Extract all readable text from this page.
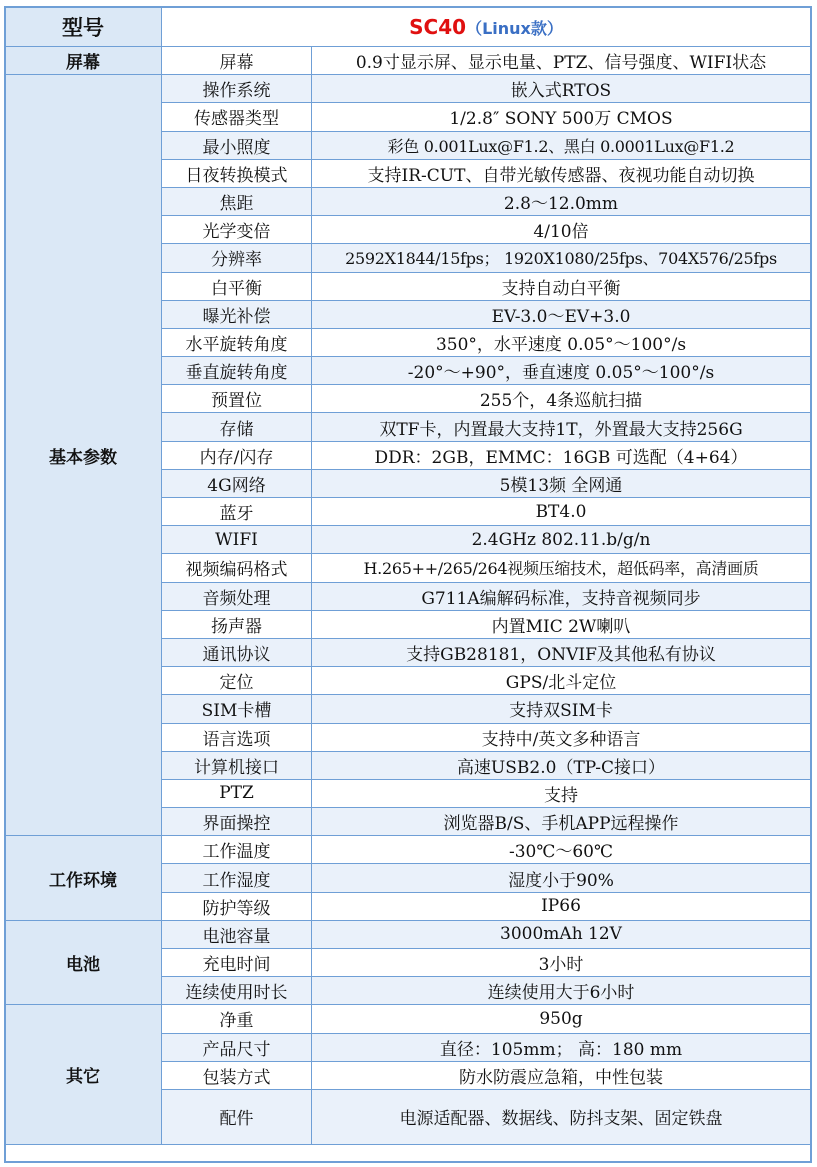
型号	SC40（Linux款）	
屏幕	屏幕	0.9寸显示屏、显示电量、PTZ、信号强度、WIFI状态
基本参数	操作系统	嵌入式RTOS
	传感器类型	1/2.8″ SONY 500万 CMOS
	最小照度	彩色 0.001Lux@F1.2、黑白 0.0001Lux@F1.2
	日夜转换模式	支持IR-CUT、自带光敏传感器、夜视功能自动切换
	焦距	2.8～12.0mm
	光学变倍	4/10倍
	分辨率	2592X1844/15fps； 1920X1080/25fps、704X576/25fps
	白平衡	支持自动白平衡
	曝光补偿	EV-3.0～EV+3.0
	水平旋转角度	350°，水平速度 0.05°～100°/s
	垂直旋转角度	-20°～+90°，垂直速度 0.05°～100°/s
	预置位	255个，4条巡航扫描
	存储	双TF卡，内置最大支持1T，外置最大支持256G
	内存/闪存	DDR：2GB，EMMC：16GB 可选配（4+64）
	4G网络	5模13频 全网通
	蓝牙	BT4.0
	WIFI	2.4GHz 802.11.b/g/n
	视频编码格式	H.265++/265/264视频压缩技术，超低码率，高清画质
	音频处理	G711A编解码标准，支持音视频同步
	扬声器	内置MIC 2W喇叭
	通讯协议	支持GB28181，ONVIF及其他私有协议
	定位	GPS/北斗定位
	SIM卡槽	支持双SIM卡
	语言选项	支持中/英文多种语言
	计算机接口	高速USB2.0（TP-C接口）
	PTZ	支持
	界面操控	浏览器B/S、手机APP远程操作
工作环境	工作温度	-30℃～60℃
	工作湿度	湿度小于90%
	防护等级	IP66
电池	电池容量	3000mAh 12V
	充电时间	3小时
	连续使用时长	连续使用大于6小时
其它	净重	950g
	产品尺寸	直径：105mm； 高：180 mm
	包装方式	防水防震应急箱，中性包装
	配件	电源适配器、数据线、防抖支架、固定铁盘
